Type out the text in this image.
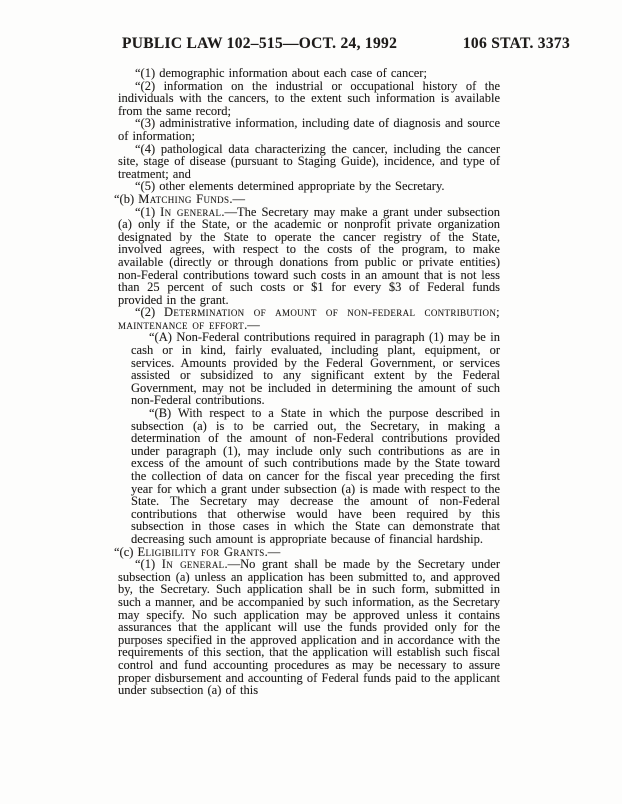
PUBLIC LAW 102–515—OCT. 24, 1992	106 STAT. 3373

“(1) demographic information about each case of cancer;

“(2) information on the industrial or occupational history of the individuals with the cancers, to the extent such information is available from the same record;

“(3) administrative information, including date of diagnosis and source of information;

“(4) pathological data characterizing the cancer, including the cancer site, stage of disease (pursuant to Staging Guide), incidence, and type of treatment; and

“(5) other elements determined appropriate by the Secretary.

“(b) Matching Funds.—

“(1) In general.—The Secretary may make a grant under subsection (a) only if the State, or the academic or nonprofit private organization designated by the State to operate the cancer registry of the State, involved agrees, with respect to the costs of the program, to make available (directly or through donations from public or private entities) non-Federal contributions toward such costs in an amount that is not less than 25 percent of such costs or $1 for every $3 of Federal funds provided in the grant.

“(2) Determination of amount of non-federal contribution; maintenance of effort.—

“(A) Non-Federal contributions required in paragraph (1) may be in cash or in kind, fairly evaluated, including plant, equipment, or services. Amounts provided by the Federal Government, or services assisted or subsidized to any significant extent by the Federal Government, may not be included in determining the amount of such non-Federal contributions.

“(B) With respect to a State in which the purpose described in subsection (a) is to be carried out, the Secretary, in making a determination of the amount of non-Federal contributions provided under paragraph (1), may include only such contributions as are in excess of the amount of such contributions made by the State toward the collection of data on cancer for the fiscal year preceding the first year for which a grant under subsection (a) is made with respect to the State. The Secretary may decrease the amount of non-Federal contributions that otherwise would have been required by this subsection in those cases in which the State can demonstrate that decreasing such amount is appropriate because of financial hardship.

“(c) Eligibility for Grants.—

“(1) In general.—No grant shall be made by the Secretary under subsection (a) unless an application has been submitted to, and approved by, the Secretary. Such application shall be in such form, submitted in such a manner, and be accompanied by such information, as the Secretary may specify. No such application may be approved unless it contains assurances that the applicant will use the funds provided only for the purposes specified in the approved application and in accordance with the requirements of this section, that the application will establish such fiscal control and fund accounting procedures as may be necessary to assure proper disbursement and accounting of Federal funds paid to the applicant under subsection (a) of this
